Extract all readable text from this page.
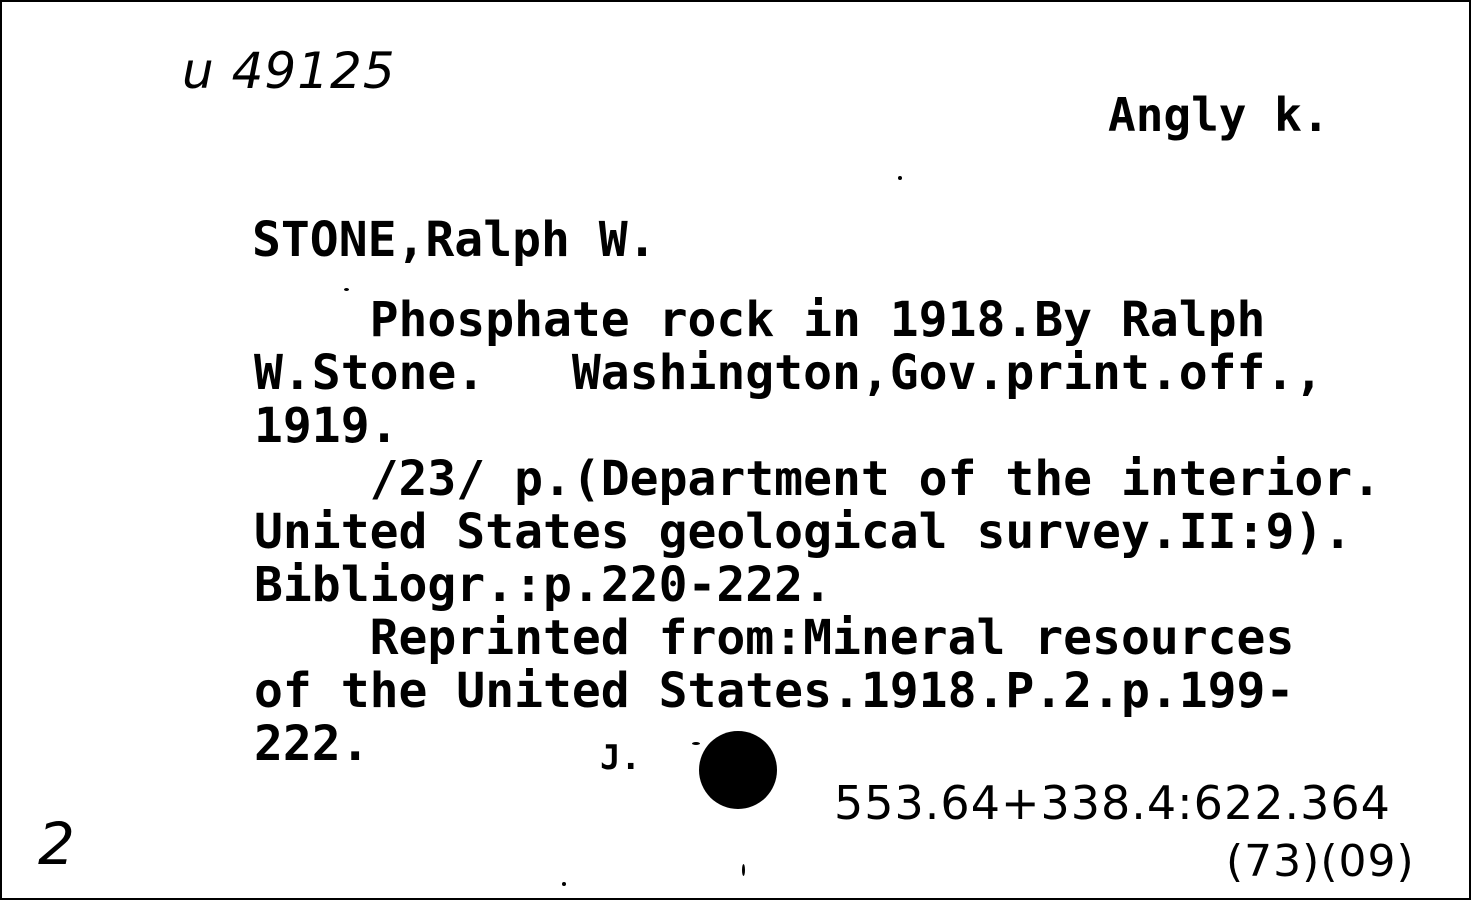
u 49125
Angly k.
STONE,Ralph W.
Phosphate rock in 1918.By Ralph
W.Stone.   Washington,Gov.print.off.,
1919.
/23/ p.(Department of the interior.
United States geological survey.II:9).
Bibliogr.:p.220-222.
Reprinted from:Mineral resources
of the United States.1918.P.2.p.199-
222.	J.
553.64+338.4:622.364
(73)(09)
2
